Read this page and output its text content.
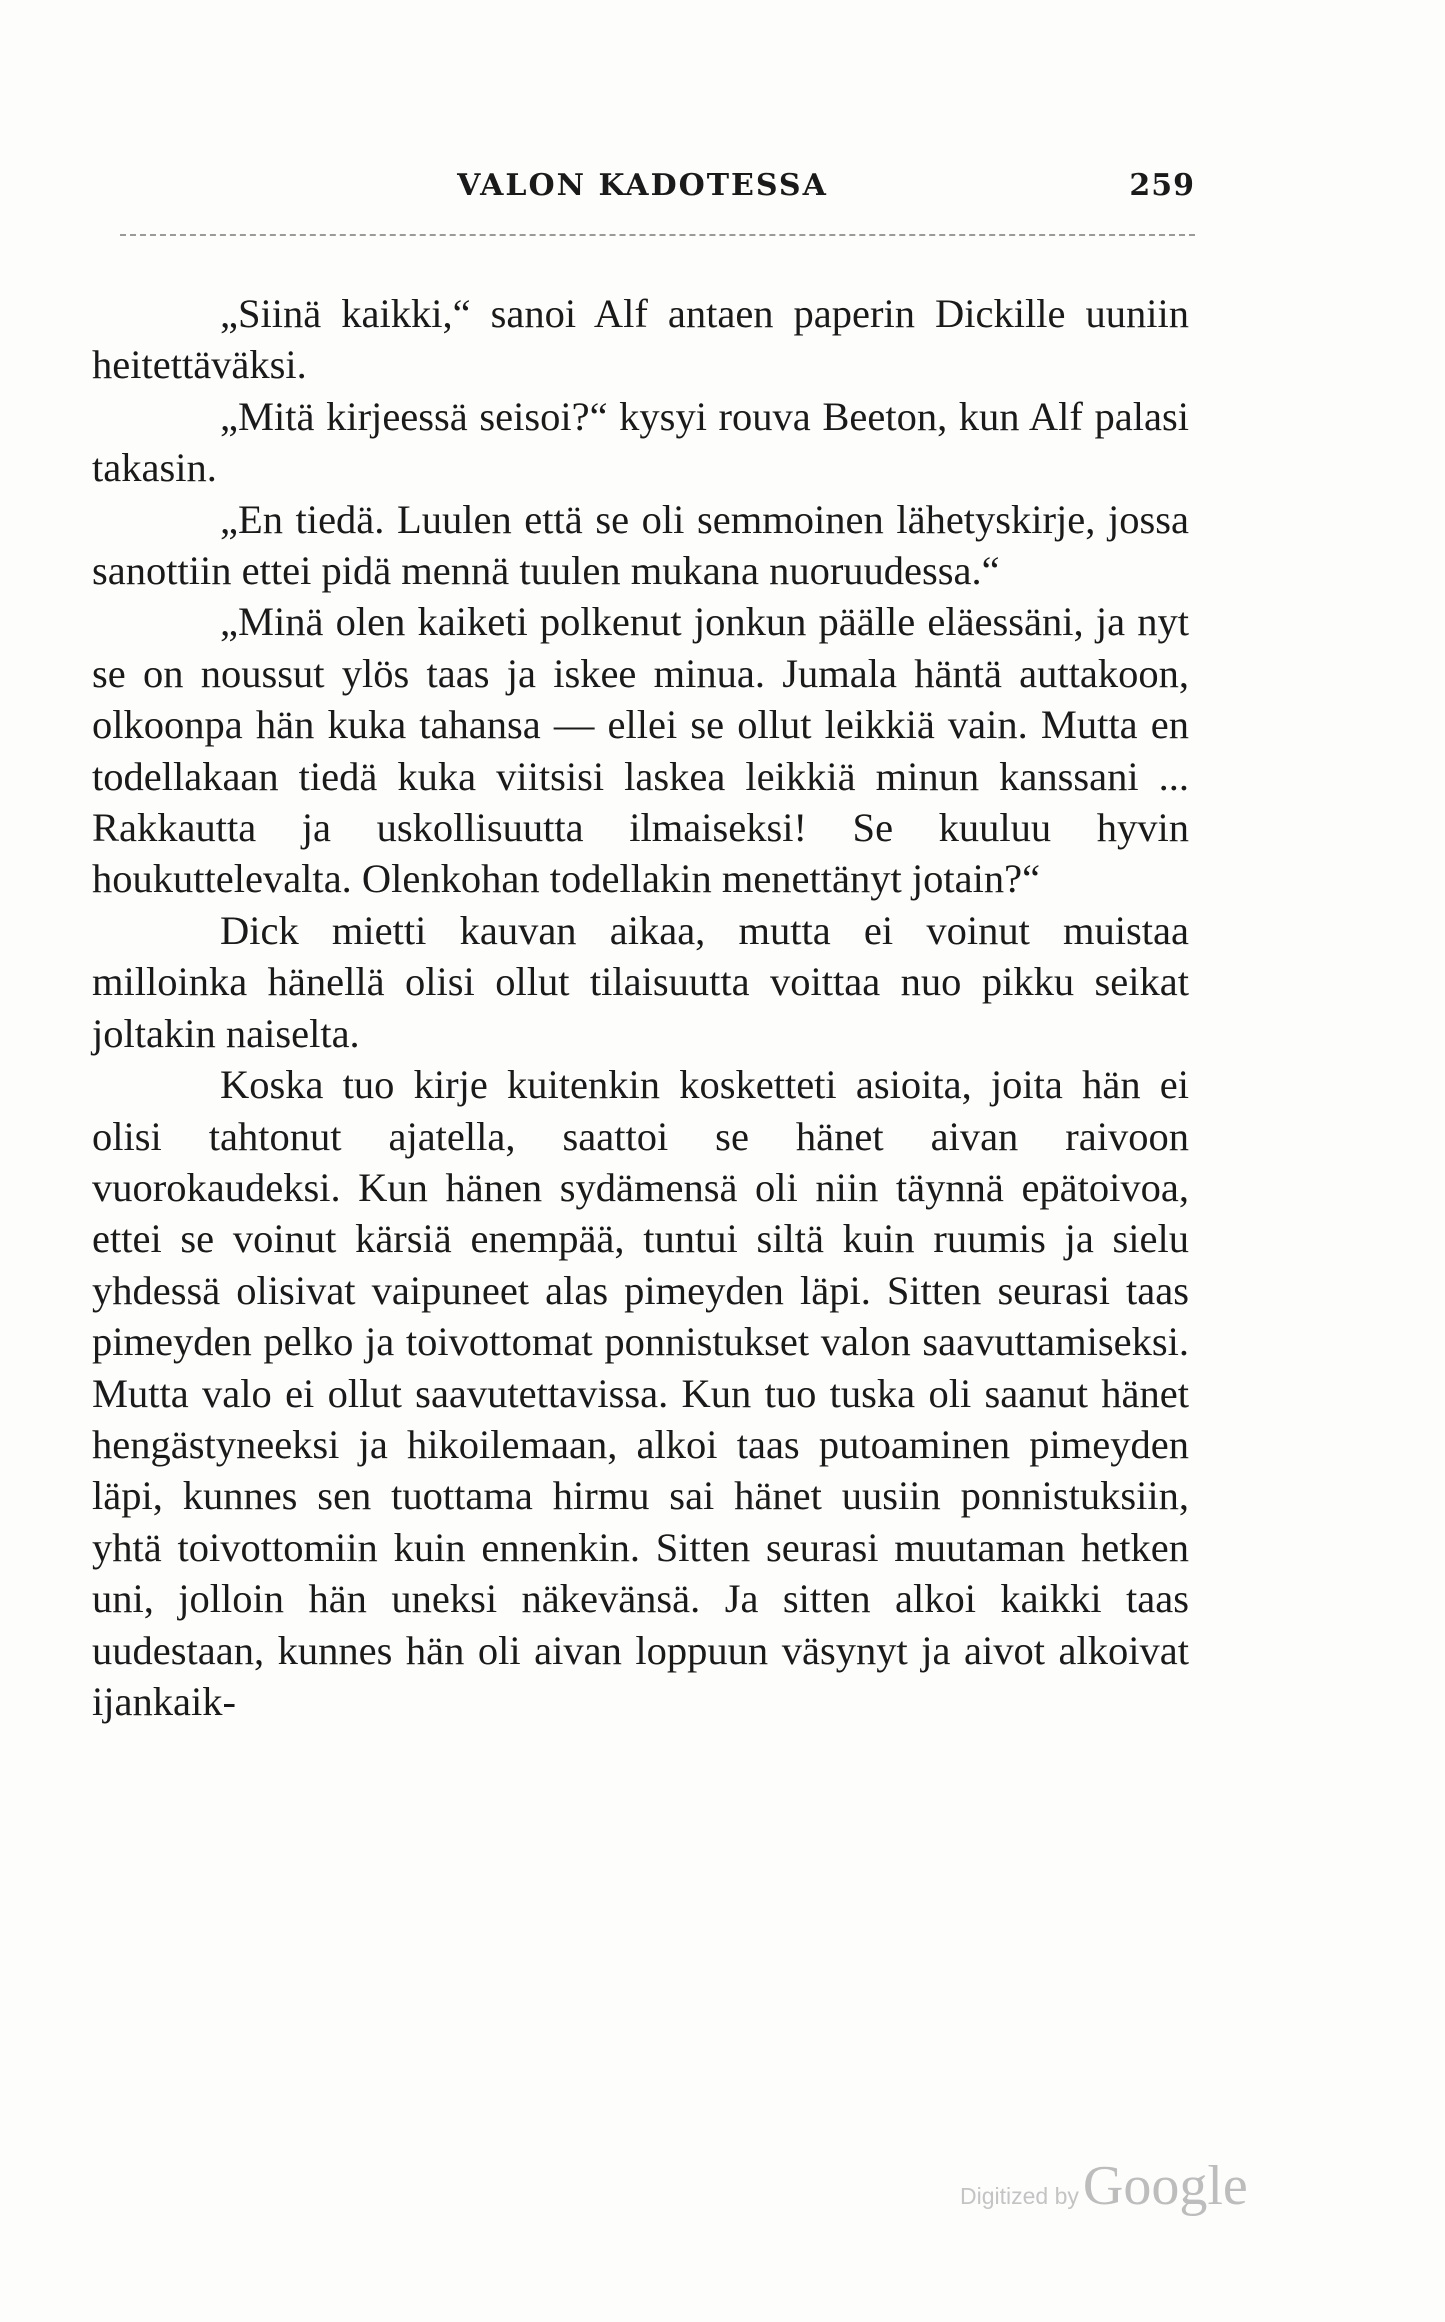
VALON KADOTESSA	259

„Siinä kaikki,“ sanoi Alf antaen paperin Dickille uuniin heitettäväksi.

„Mitä kirjeessä seisoi?“ kysyi rouva Beeton, kun Alf palasi takasin.

„En tiedä. Luulen että se oli semmoinen lähetyskirje, jossa sanottiin ettei pidä mennä tuulen mukana nuoruudessa.“

„Minä olen kaiketi polkenut jonkun päälle eläessäni, ja nyt se on noussut ylös taas ja iskee minua. Jumala häntä auttakoon, olkoonpa hän kuka tahansa — ellei se ollut leikkiä vain. Mutta en todellakaan tiedä kuka viitsisi laskea leikkiä minun kanssani ... Rakkautta ja uskollisuutta ilmaiseksi! Se kuuluu hyvin houkuttelevalta. Olenkohan todellakin menettänyt jotain?“

Dick mietti kauvan aikaa, mutta ei voinut muistaa milloinka hänellä olisi ollut tilaisuutta voittaa nuo pikku seikat joltakin naiselta.

Koska tuo kirje kuitenkin kosketteti asioita, joita hän ei olisi tahtonut ajatella, saattoi se hänet aivan raivoon vuorokaudeksi. Kun hänen sydämensä oli niin täynnä epätoivoa, ettei se voinut kärsiä enempää, tuntui siltä kuin ruumis ja sielu yhdessä olisivat vaipuneet alas pimeyden läpi. Sitten seurasi taas pimeyden pelko ja toivottomat ponnistukset valon saavuttamiseksi. Mutta valo ei ollut saavutettavissa. Kun tuo tuska oli saanut hänet hengästyneeksi ja hikoilemaan, alkoi taas putoaminen pimeyden läpi, kunnes sen tuottama hirmu sai hänet uusiin ponnistuksiin, yhtä toivottomiin kuin ennenkin. Sitten seurasi muutaman hetken uni, jolloin hän uneksi näkevänsä. Ja sitten alkoi kaikki taas uudestaan, kunnes hän oli aivan loppuun väsynyt ja aivot alkoivat ijankaik-

Digitized by Google
